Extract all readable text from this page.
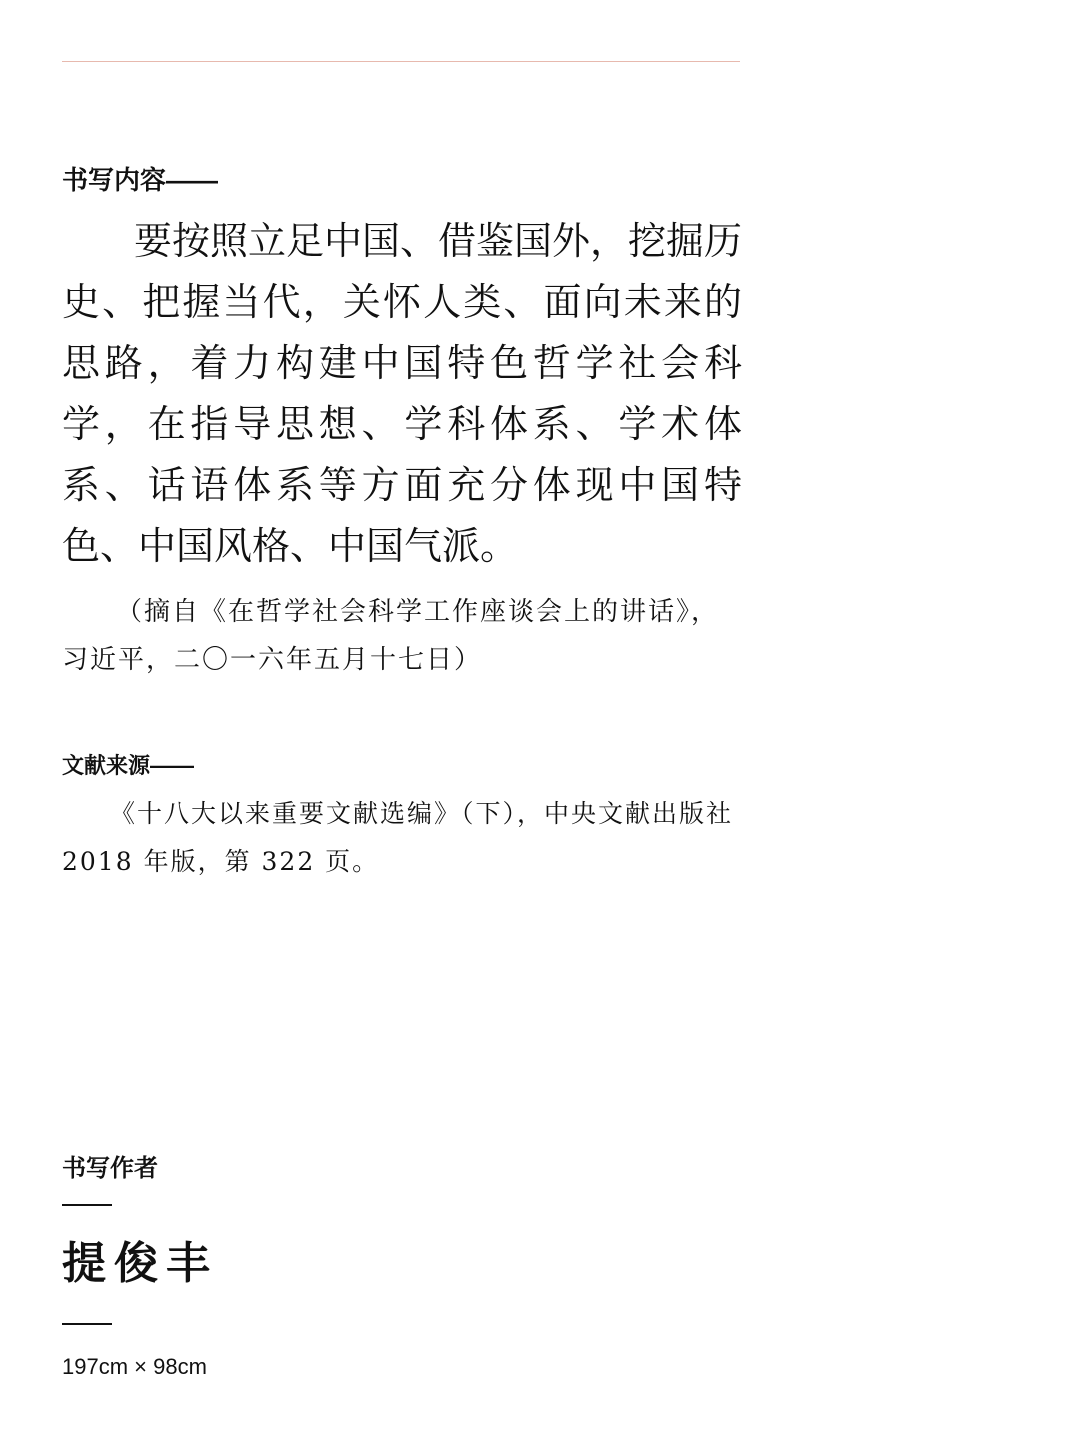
书写内容——

要按照立足中国、借鉴国外，挖掘历史、把握当代，关怀人类、面向未来的思路，着力构建中国特色哲学社会科学，在指导思想、学科体系、学术体系、话语体系等方面充分体现中国特色、中国风格、中国气派。

（摘自《在哲学社会科学工作座谈会上的讲话》，习近平，二〇一六年五月十七日）

文献来源——

《十八大以来重要文献选编》（下），中央文献出版社 2018 年版，第 322 页。

书写作者
提俊丰
197cm × 98cm
